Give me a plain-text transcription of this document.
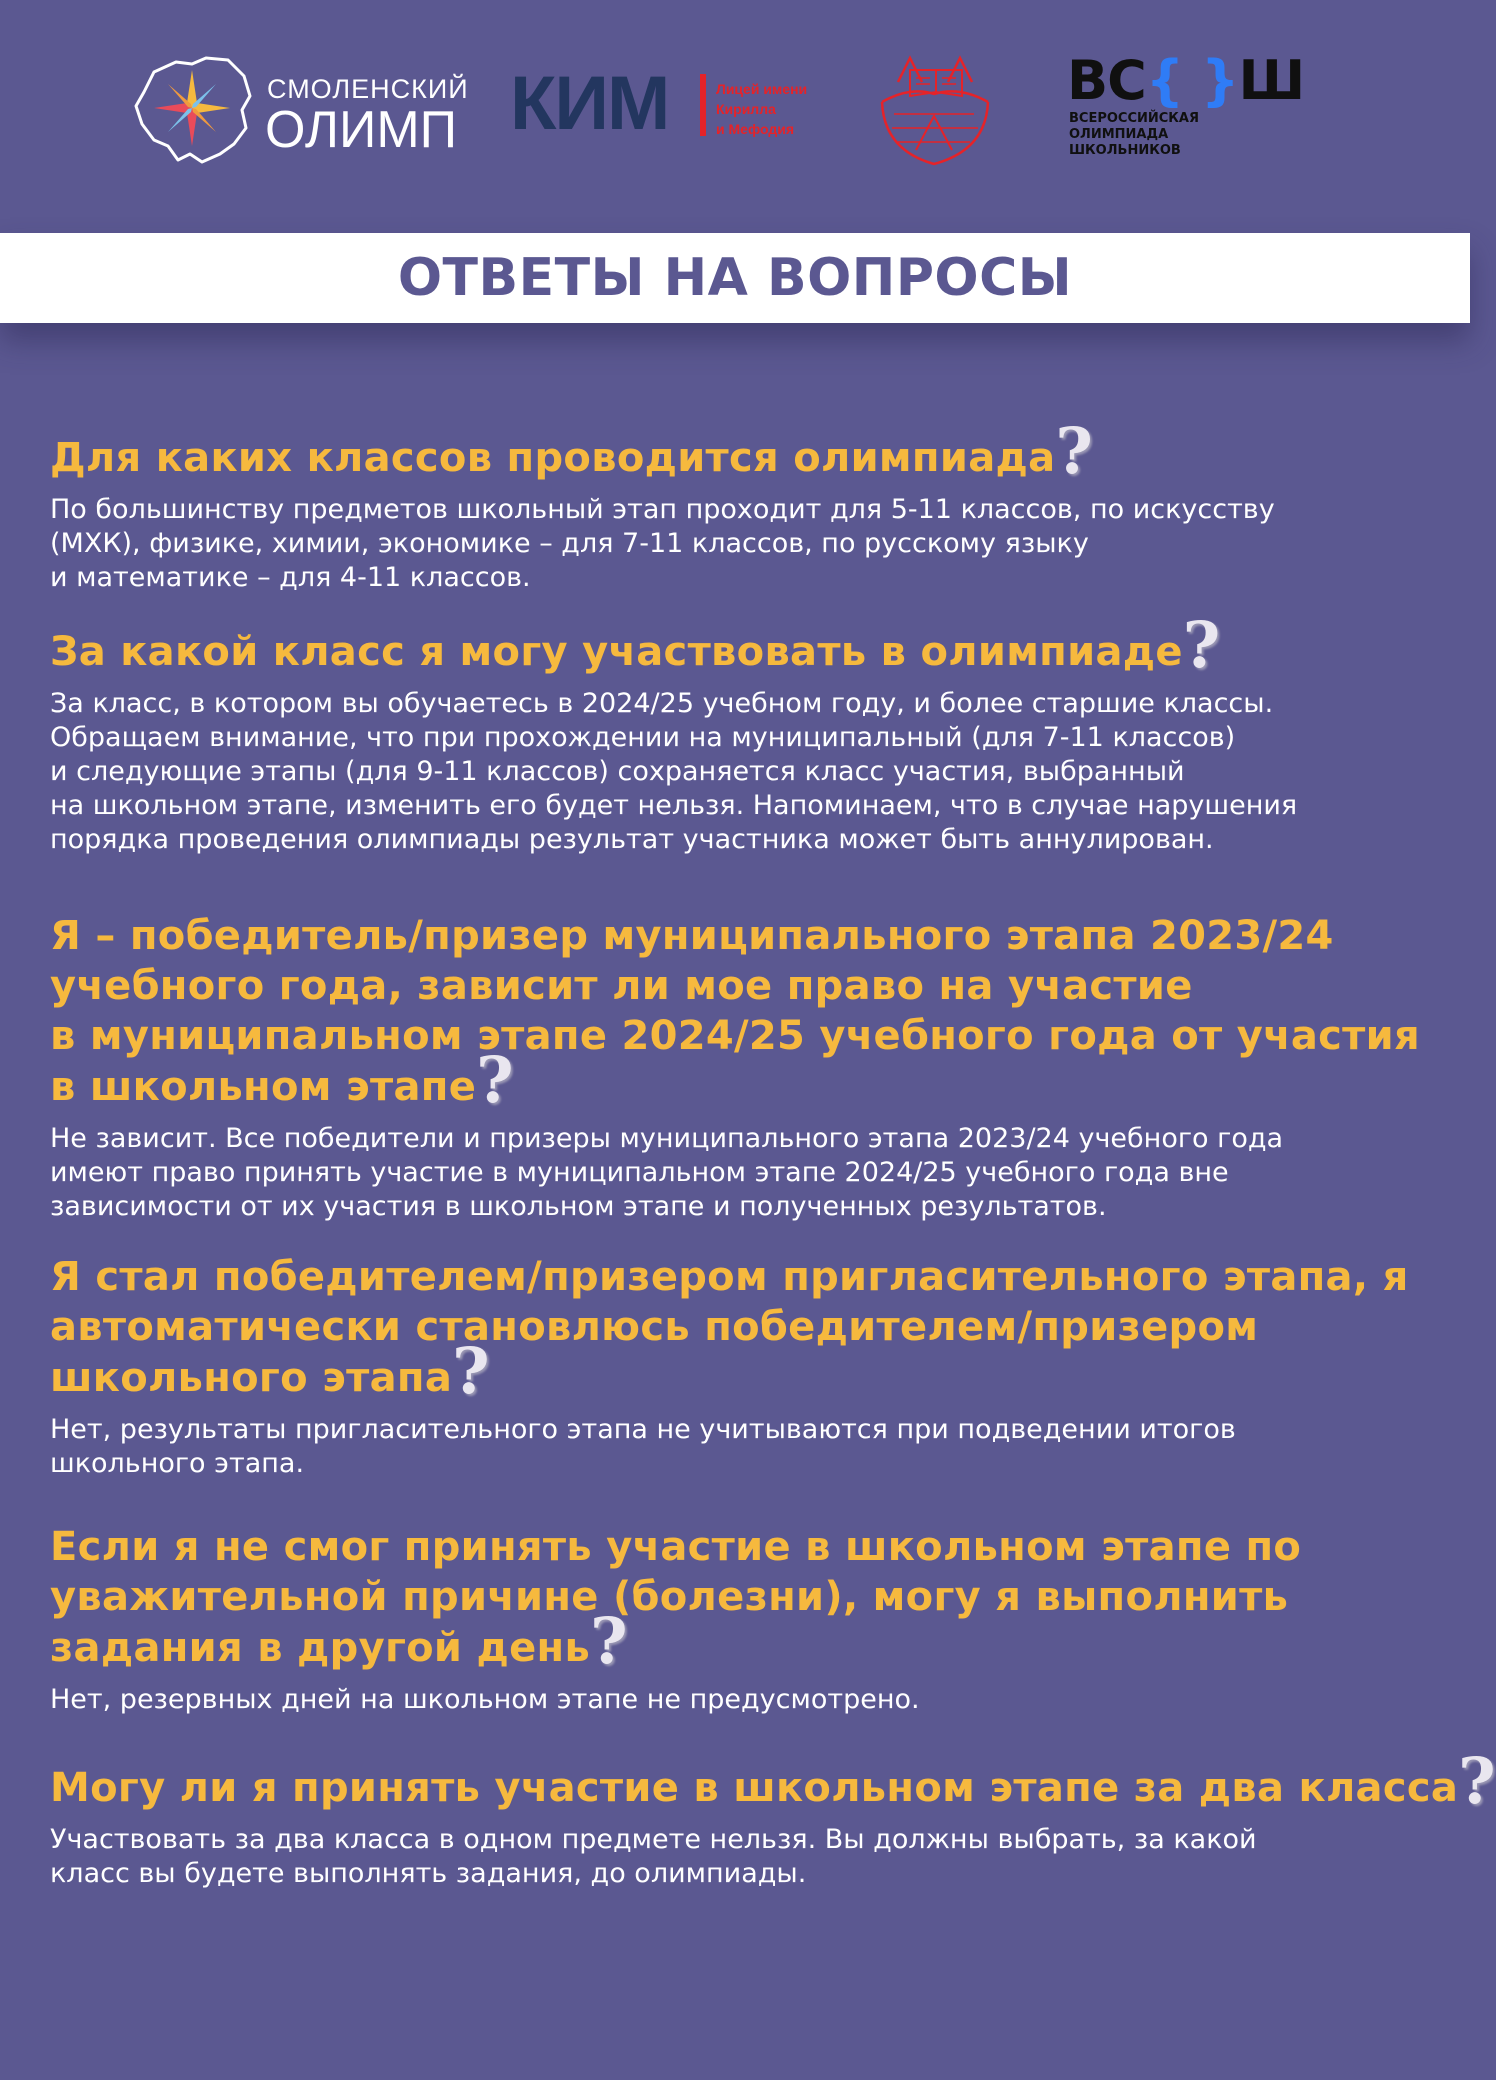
СМОЛЕНСКИЙ
ОЛИМП КИМ	Лицей имени
Кирилла
и Мефодия
ВС{ }Ш
ВСЕРОССИЙСКАЯ
ОЛИМПИАДА
ШКОЛЬНИКОВ
ОТВЕТЫ НА ВОПРОСЫ
Для каких классов проводится олимпиада?
По большинству предметов школьный этап проходит для 5-11 классов, по искусству
(МХК), физике, химии, экономике – для 7-11 классов, по русскому языку
и математике – для 4-11 классов.
За какой класс я могу участвовать в олимпиаде?
За класс, в котором вы обучаетесь в 2024/25 учебном году, и более старшие классы.
Обращаем внимание, что при прохождении на муниципальный (для 7-11 классов)
и следующие этапы (для 9-11 классов) сохраняется класс участия, выбранный
на школьном этапе, изменить его будет нельзя. Напоминаем, что в случае нарушения
порядка проведения олимпиады результат участника может быть аннулирован.
Я – победитель/призер муниципального этапа 2023/24
учебного года, зависит ли мое право на участие
в муниципальном этапе 2024/25 учебного года от участия
в школьном этапе?
Не зависит. Все победители и призеры муниципального этапа 2023/24 учебного года
имеют право принять участие в муниципальном этапе 2024/25 учебного года вне
зависимости от их участия в школьном этапе и полученных результатов.
Я стал победителем/призером пригласительного этапа, я
автоматически становлюсь победителем/призером
школьного этапа?
Нет, результаты пригласительного этапа не учитываются при подведении итогов
школьного этапа.
Если я не смог принять участие в школьном этапе по
уважительной причине (болезни), могу я выполнить
задания в другой день?
Нет, резервных дней на школьном этапе не предусмотрено.
Могу ли я принять участие в школьном этапе за два класса?
Участвовать за два класса в одном предмете нельзя. Вы должны выбрать, за какой
класс вы будете выполнять задания, до олимпиады.
